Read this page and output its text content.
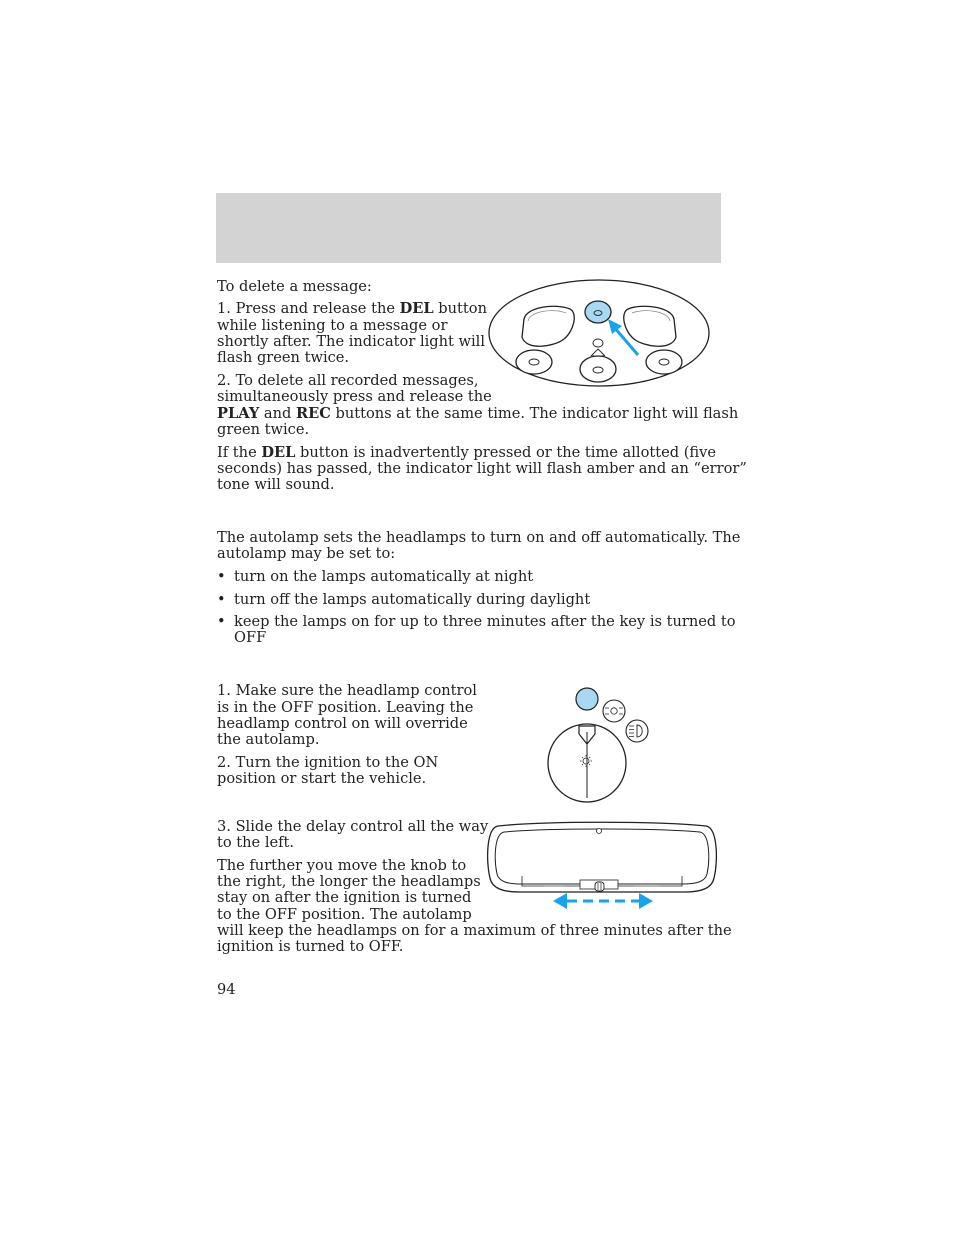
To delete a message:
1. Press and release the DEL button
while listening to a message or
shortly after. The indicator light will
flash green twice.
2. To delete all recorded messages,
simultaneously press and release the
PLAY and REC buttons at the same time. The indicator light will flash
green twice.
If the DEL button is inadvertently pressed or the time allotted (five
seconds) has passed, the indicator light will flash amber and an “error”
tone will sound.
The autolamp sets the headlamps to turn on and off automatically. The
autolamp may be set to:
• turn on the lamps automatically at night
• turn off the lamps automatically during daylight
• keep the lamps on for up to three minutes after the key is turned to
OFF
1. Make sure the headlamp control
is in the OFF position. Leaving the
headlamp control on will override
the autolamp.
2. Turn the ignition to the ON
position or start the vehicle.
3. Slide the delay control all the way
to the left.
The further you move the knob to
the right, the longer the headlamps
stay on after the ignition is turned
to the OFF position. The autolamp
will keep the headlamps on for a maximum of three minutes after the
ignition is turned to OFF.
94
